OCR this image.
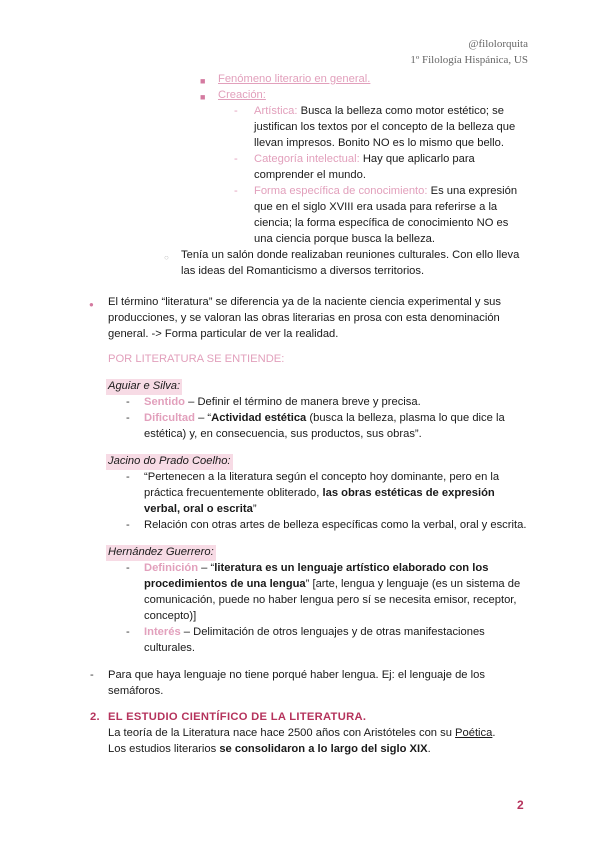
@filolorquita
1º Filología Hispánica, US
■ Fenómeno literario en general.
■ Creación:
- Artística: Busca la belleza como motor estético; se
justifican los textos por el concepto de la belleza que
llevan impresos. Bonito NO es lo mismo que bello.
- Categoría intelectual: Hay que aplicarlo para
comprender el mundo.
- Forma específica de conocimiento: Es una expresión
que en el siglo XVIII era usada para referirse a la
ciencia; la forma específica de conocimiento NO es
una ciencia porque busca la belleza.
○ Tenía un salón donde realizaban reuniones culturales. Con ello lleva
las ideas del Romanticismo a diversos territorios.
● El término “literatura” se diferencia ya de la naciente ciencia experimental y sus
producciones, y se valoran las obras literarias en prosa con esta denominación
general. -> Forma particular de ver la realidad.
POR LITERATURA SE ENTIENDE:
Aguiar e Silva:
- Sentido – Definir el término de manera breve y precisa.
- Dificultad – “Actividad estética (busca la belleza, plasma lo que dice la
estética) y, en consecuencia, sus productos, sus obras”.
Jacino do Prado Coelho:
- “Pertenecen a la literatura según el concepto hoy dominante, pero en la
práctica frecuentemente obliterado, las obras estéticas de expresión
verbal, oral o escrita”
- Relación con otras artes de belleza específicas como la verbal, oral y escrita.
Hernández Guerrero:
- Definición – “literatura es un lenguaje artístico elaborado con los
procedimientos de una lengua” [arte, lengua y lenguaje (es un sistema de
comunicación, puede no haber lengua pero sí se necesita emisor, receptor,
concepto)]
- Interés – Delimitación de otros lenguajes y de otras manifestaciones
culturales.
- Para que haya lenguaje no tiene porqué haber lengua. Ej: el lenguaje de los
semáforos.
2. EL ESTUDIO CIENTÍFICO DE LA LITERATURA.
La teoría de la Literatura nace hace 2500 años con Aristóteles con su Poética.
Los estudios literarios se consolidaron a lo largo del siglo XIX.
2
